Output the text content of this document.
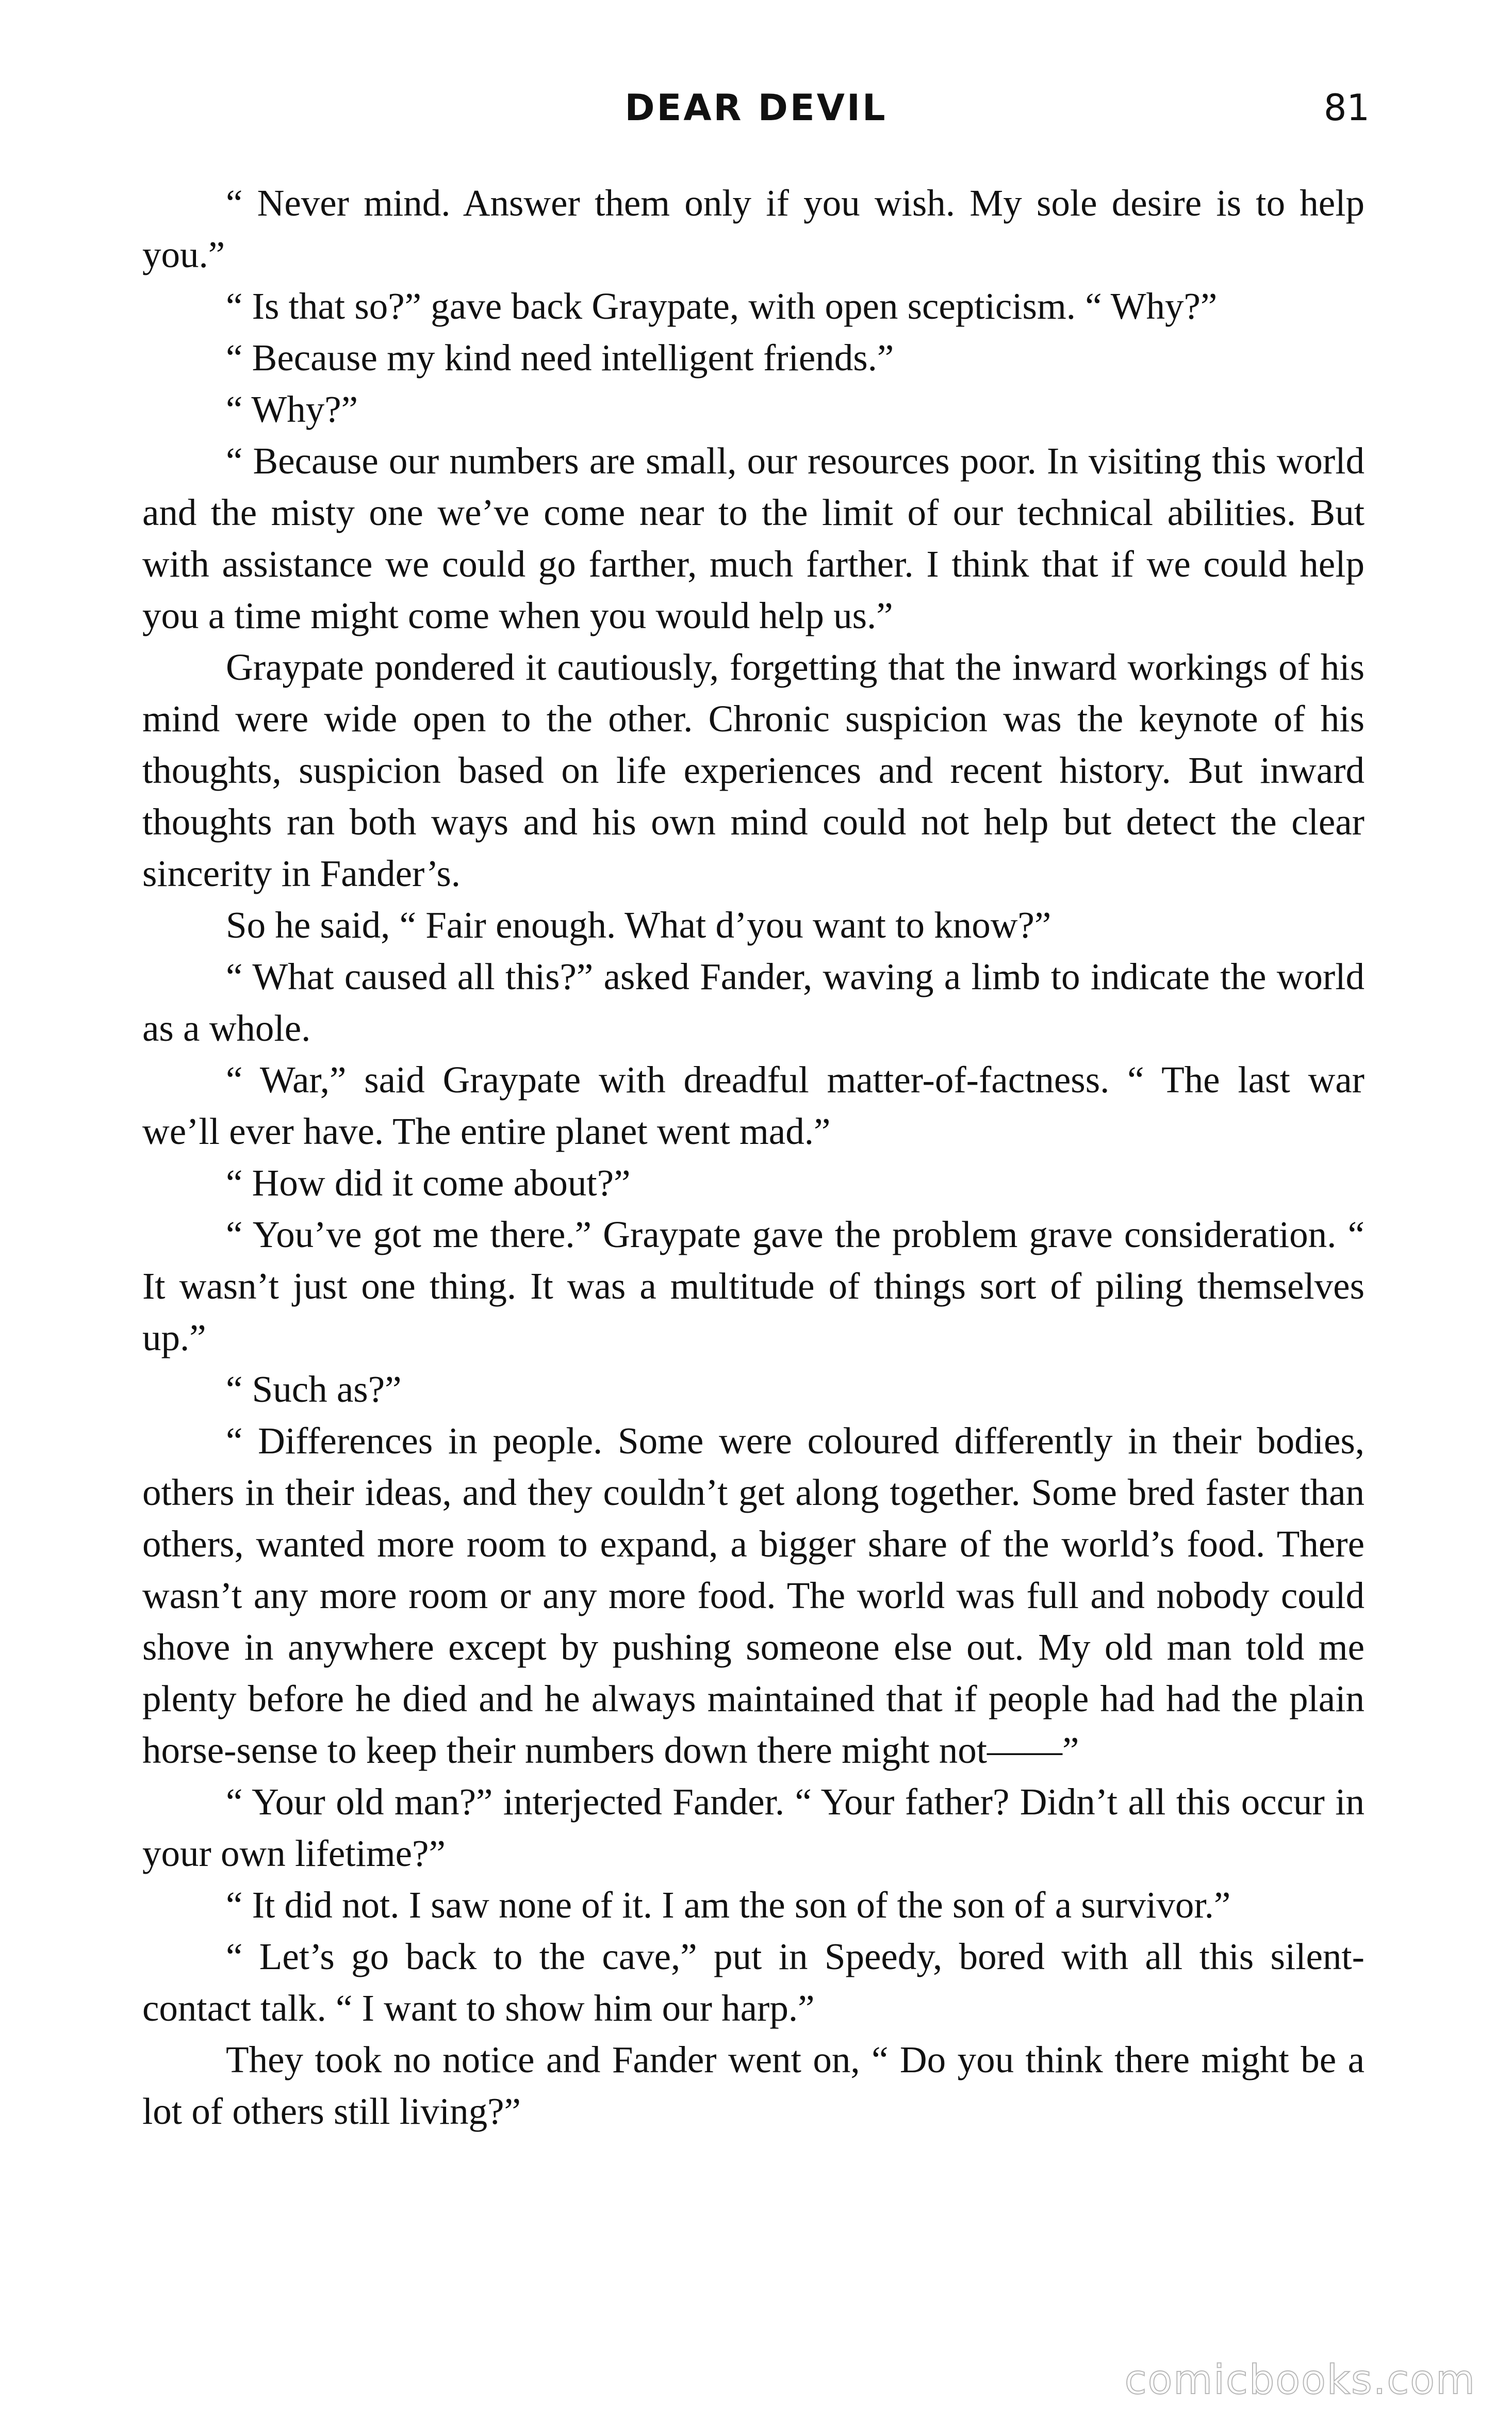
DEAR DEVIL	81

“ Never mind. Answer them only if you wish. My sole desire is to help you.”

“ Is that so?” gave back Graypate, with open scepticism. “ Why?”

“ Because my kind need intelligent friends.”

“ Why?”

“ Because our numbers are small, our resources poor. In visiting this world and the misty one we’ve come near to the limit of our technical abilities. But with assistance we could go farther, much farther. I think that if we could help you a time might come when you would help us.”

Graypate pondered it cautiously, forgetting that the inward workings of his mind were wide open to the other. Chronic suspicion was the keynote of his thoughts, suspicion based on life experiences and recent history. But inward thoughts ran both ways and his own mind could not help but detect the clear sincerity in Fander’s.

So he said, “ Fair enough. What d’you want to know?”

“ What caused all this?” asked Fander, waving a limb to indicate the world as a whole.

“ War,” said Graypate with dreadful matter-of-factness. “ The last war we’ll ever have. The entire planet went mad.”

“ How did it come about?”

“ You’ve got me there.” Graypate gave the problem grave consideration. “ It wasn’t just one thing. It was a multitude of things sort of piling themselves up.”

“ Such as?”

“ Differences in people. Some were coloured differently in their bodies, others in their ideas, and they couldn’t get along together. Some bred faster than others, wanted more room to expand, a bigger share of the world’s food. There wasn’t any more room or any more food. The world was full and nobody could shove in anywhere except by pushing someone else out. My old man told me plenty before he died and he always maintained that if people had had the plain horse-sense to keep their numbers down there might not——”

“ Your old man?” interjected Fander. “ Your father? Didn’t all this occur in your own lifetime?”

“ It did not. I saw none of it. I am the son of the son of a survivor.”

“ Let’s go back to the cave,” put in Speedy, bored with all this silent-contact talk. “ I want to show him our harp.”

They took no notice and Fander went on, “ Do you think there might be a lot of others still living?”

comicbooks.com
